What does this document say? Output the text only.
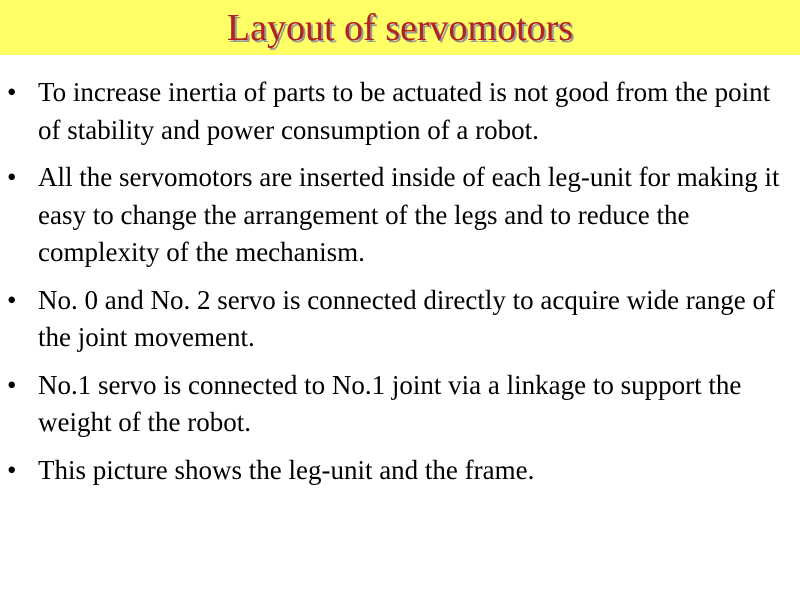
Layout of servomotors
• To increase inertia of parts to be actuated is not good from the point of stability and power consumption of a robot.
• All the servomotors are inserted inside of each leg-unit for making it easy to change the arrangement of the legs and to reduce the complexity of the mechanism.
• No. 0 and No. 2 servo is connected directly to acquire wide range of the joint movement.
• No.1 servo is connected to No.1 joint via a linkage to support the weight of the robot.
• This picture shows the leg-unit and the frame.
